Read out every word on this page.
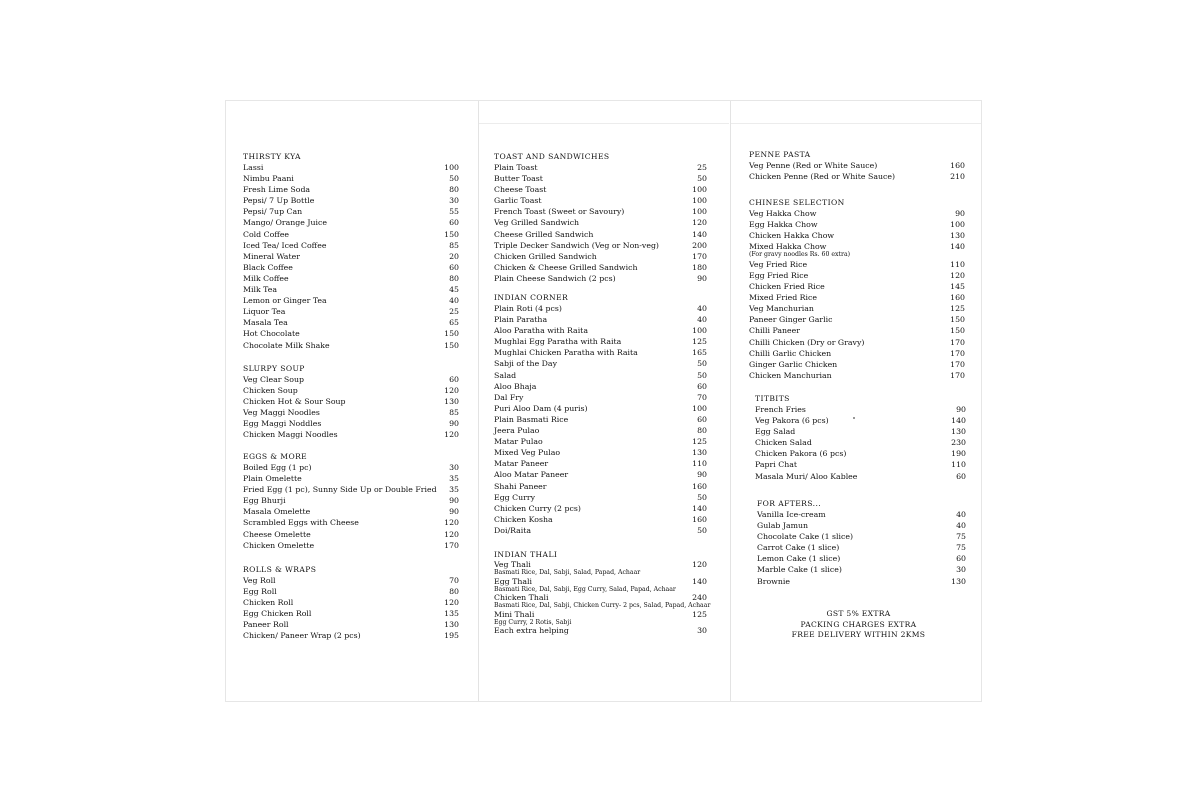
THIRSTY KYA
Lassi	100
Nimbu Paani	50
Fresh Lime Soda	80
Pepsi/ 7 Up Bottle	30
Pepsi/ 7up Can	55
Mango/ Orange Juice	60
Cold Coffee	150
Iced Tea/ Iced Coffee	85
Mineral Water	20
Black Coffee	60
Milk Coffee	80
Milk Tea	45
Lemon or Ginger Tea	40
Liquor Tea	25
Masala Tea	65
Hot Chocolate	150
Chocolate Milk Shake	150
SLURPY SOUP
Veg Clear Soup	60
Chicken Soup	120
Chicken Hot & Sour Soup	130
Veg Maggi Noodles	85
Egg Maggi Noddles	90
Chicken Maggi Noodles	120
EGGS & MORE
Boiled Egg (1 pc)	30
Plain Omelette	35
Fried Egg (1 pc), Sunny Side Up or Double Fried 35
Egg Bhurji	90
Masala Omelette	90
Scrambled Eggs with Cheese	120
Cheese Omelette	120
Chicken Omelette	170
ROLLS & WRAPS
Veg Roll	70
Egg Roll	80
Chicken Roll	120
Egg Chicken Roll	135
Paneer Roll	130
Chicken/ Paneer Wrap (2 pcs)	195
TOAST AND SANDWICHES
Plain Toast	25
Butter Toast	50
Cheese Toast	100
Garlic Toast	100
French Toast (Sweet or Savoury)	100
Veg Grilled Sandwich	120
Cheese Grilled Sandwich	140
Triple Decker Sandwich (Veg or Non-veg)	200
Chicken Grilled Sandwich	170
Chicken & Cheese Grilled Sandwich	180
Plain Cheese Sandwich (2 pcs)	90
INDIAN CORNER
Plain Roti (4 pcs)	40
Plain Paratha	40
Aloo Paratha with Raita	100
Mughlai Egg Paratha with Raita	125
Mughlai Chicken Paratha with Raita	165
Sabji of the Day	50
Salad	50
Aloo Bhaja	60
Dal Fry	70
Puri Aloo Dam (4 puris)	100
Plain Basmati Rice	60
Jeera Pulao	80
Matar Pulao	125
Mixed Veg Pulao	130
Matar Paneer	110
Aloo Matar Paneer	90
Shahi Paneer	160
Egg Curry	50
Chicken Curry (2 pcs)	140
Chicken Kosha	160
Doi/Raita	50
INDIAN THALI
Veg Thali	120
Basmati Rice, Dal, Sabji, Salad, Papad, Achaar
Egg Thali	140
Basmati Rice, Dal, Sabji, Egg Curry, Salad, Papad, Achaar
Chicken Thali	240
Basmati Rice, Dal, Sabji, Chicken Curry- 2 pcs, Salad, Papad, Achaar
Mini Thali	125
Egg Curry, 2 Rotis, Sabji
Each extra helping	30
PENNE PASTA
Veg Penne (Red or White Sauce)	160
Chicken Penne (Red or White Sauce)	210
CHINESE SELECTION
Veg Hakka Chow	90
Egg Hakka Chow	100
Chicken Hakka Chow	130
Mixed Hakka Chow	140
(For gravy noodles Rs. 60 extra)
Veg Fried Rice	110
Egg Fried Rice	120
Chicken Fried Rice	145
Mixed Fried Rice	160
Veg Manchurian	125
Paneer Ginger Garlic	150
Chilli Paneer	150
Chilli Chicken (Dry or Gravy)	170
Chilli Garlic Chicken	170
Ginger Garlic Chicken	170
Chicken Manchurian	170
TITBITS
French Fries	90
Veg Pakora (6 pcs)	140
Egg Salad	130
Chicken Salad	230
Chicken Pakora (6 pcs)	190
Papri Chat	110
Masala Muri/ Aloo Kablee	60
FOR AFTERS...
Vanilla Ice-cream	40
Gulab Jamun	40
Chocolate Cake (1 slice)	75
Carrot Cake (1 slice)	75
Lemon Cake (1 slice)	60
Marble Cake (1 slice)	30
Brownie	130
GST 5% EXTRA
PACKING CHARGES EXTRA
FREE DELIVERY WITHIN 2KMS
